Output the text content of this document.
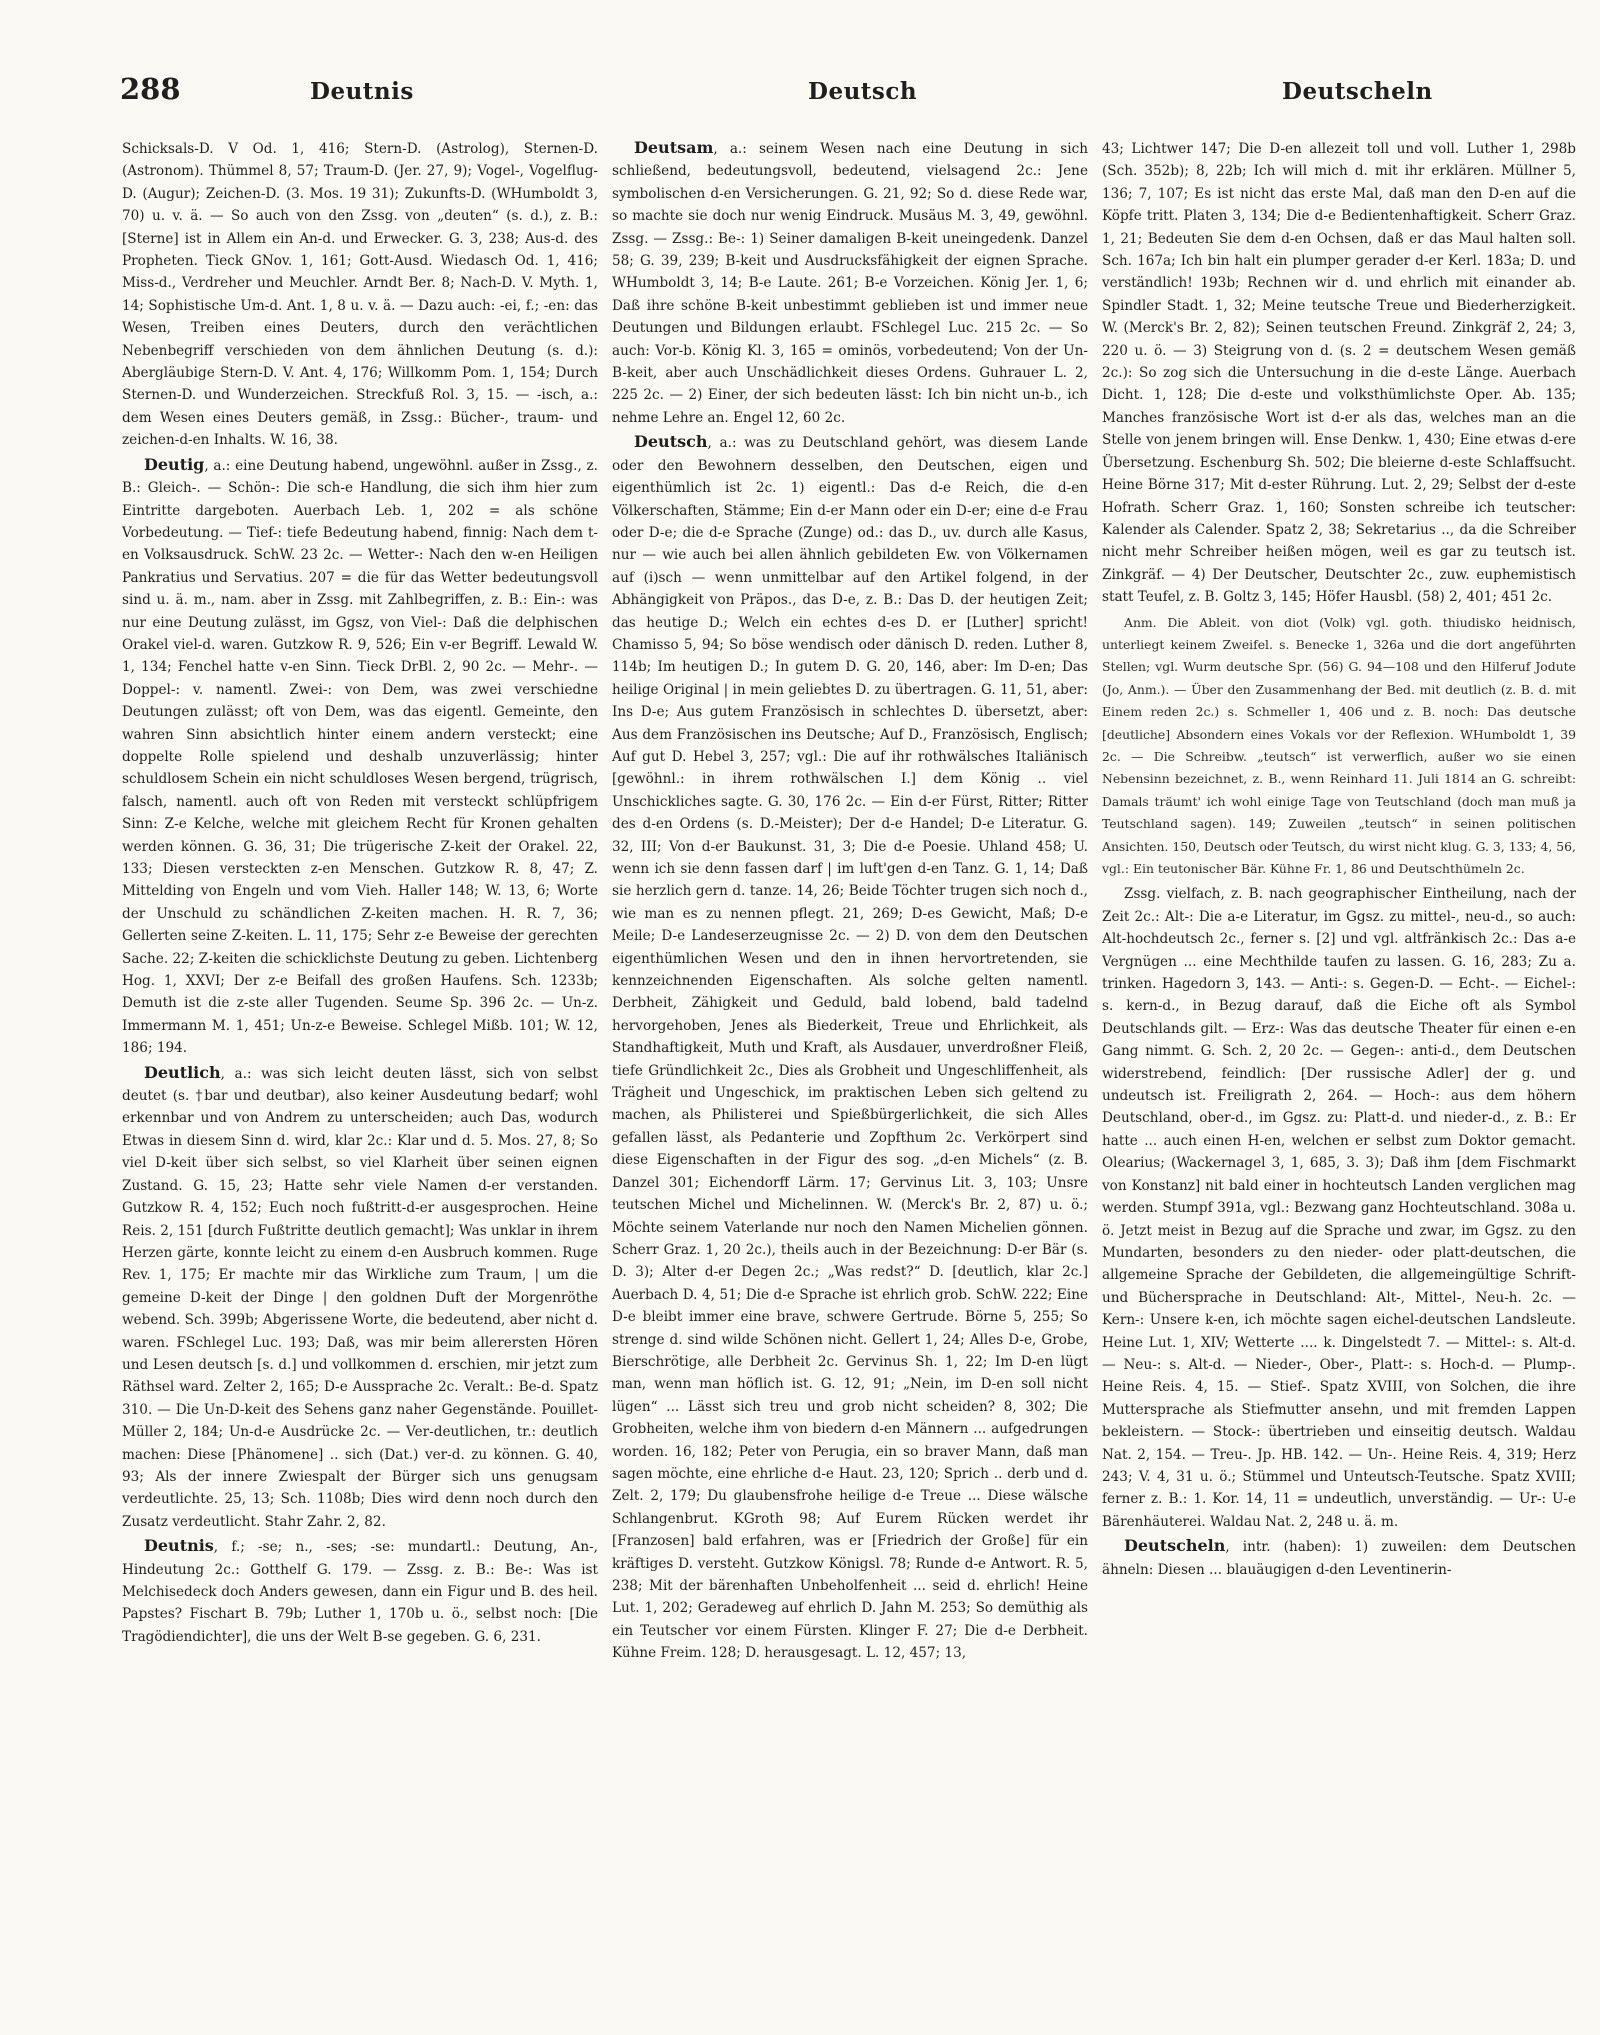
288	Deutnis	Deutsch	Deutscheln

Schicksals-D. V Od. 1, 416; Stern-D. (Astrolog), Sternen-D. (Astronom). Thümmel 8, 57; Traum-D. (Jer. 27, 9); Vogel-, Vogelflug-D. (Augur); Zeichen-D. (3. Mos. 19 31); Zukunfts-D. (WHumboldt 3, 70) u. v. ä. — So auch von den Zssg. von „deuten“ (s. d.), z. B.: [Sterne] ist in Allem ein An-d. und Erwecker. G. 3, 238; Aus-d. des Propheten. Tieck GNov. 1, 161; Gott-Ausd. Wiedasch Od. 1, 416; Miss-d., Verdreher und Meuchler. Arndt Ber. 8; Nach-D. V. Myth. 1, 14; Sophistische Um-d. Ant. 1, 8 u. v. ä. — Dazu auch: -ei, f.; -en: das Wesen, Treiben eines Deuters, durch den verächtlichen Nebenbegriff verschieden von dem ähnlichen Deutung (s. d.): Abergläubige Stern-D. V. Ant. 4, 176; Willkomm Pom. 1, 154; Durch Sternen-D. und Wunderzeichen. Streckfuß Rol. 3, 15. — -isch, a.: dem Wesen eines Deuters gemäß, in Zssg.: Bücher-, traum- und zeichen-d-en Inhalts. W. 16, 38.

Deutig, a.: eine Deutung habend, ungewöhnl. außer in Zssg., z. B.: Gleich-. — Schön-: Die sch-e Handlung, die sich ihm hier zum Eintritte dargeboten. Auerbach Leb. 1, 202 = als schöne Vorbedeutung. — Tief-: tiefe Bedeutung habend, finnig: Nach dem t-en Volksausdruck. SchW. 23 2c. — Wetter-: Nach den w-en Heiligen Pankratius und Servatius. 207 = die für das Wetter bedeutungsvoll sind u. ä. m., nam. aber in Zssg. mit Zahlbegriffen, z. B.: Ein-: was nur eine Deutung zulässt, im Ggsz, von Viel-: Daß die delphischen Orakel viel-d. waren. Gutzkow R. 9, 526; Ein v-er Begriff. Lewald W. 1, 134; Fenchel hatte v-en Sinn. Tieck DrBl. 2, 90 2c. — Mehr-. — Doppel-: v. namentl. Zwei-: von Dem, was zwei verschiedne Deutungen zulässt; oft von Dem, was das eigentl. Gemeinte, den wahren Sinn absichtlich hinter einem andern versteckt; eine doppelte Rolle spielend und deshalb unzuverlässig; hinter schuldlosem Schein ein nicht schuldloses Wesen bergend, trügrisch, falsch, namentl. auch oft von Reden mit versteckt schlüpfrigem Sinn: Z-e Kelche, welche mit gleichem Recht für Kronen gehalten werden können. G. 36, 31; Die trügerische Z-keit der Orakel. 22, 133; Diesen versteckten z-en Menschen. Gutzkow R. 8, 47; Z. Mittelding von Engeln und vom Vieh. Haller 148; W. 13, 6; Worte der Unschuld zu schändlichen Z-keiten machen. H. R. 7, 36; Gellerten seine Z-keiten. L. 11, 175; Sehr z-e Beweise der gerechten Sache. 22; Z-keiten die schicklichste Deutung zu geben. Lichtenberg Hog. 1, XXVI; Der z-e Beifall des großen Haufens. Sch. 1233b; Demuth ist die z-ste aller Tugenden. Seume Sp. 396 2c. — Un-z. Immermann M. 1, 451; Un-z-e Beweise. Schlegel Mißb. 101; W. 12, 186; 194.

Deutlich, a.: was sich leicht deuten lässt, sich von selbst deutet (s. †bar und deutbar), also keiner Ausdeutung bedarf; wohl erkennbar und von Andrem zu unterscheiden; auch Das, wodurch Etwas in diesem Sinn d. wird, klar 2c.: Klar und d. 5. Mos. 27, 8; So viel D-keit über sich selbst, so viel Klarheit über seinen eignen Zustand. G. 15, 23; Hatte sehr viele Namen d-er verstanden. Gutzkow R. 4, 152; Euch noch fußtritt-d-er ausgesprochen. Heine Reis. 2, 151 [durch Fußtritte deutlich gemacht]; Was unklar in ihrem Herzen gärte, konnte leicht zu einem d-en Ausbruch kommen. Ruge Rev. 1, 175; Er machte mir das Wirkliche zum Traum, | um die gemeine D-keit der Dinge | den goldnen Duft der Morgenröthe webend. Sch. 399b; Abgerissene Worte, die bedeutend, aber nicht d. waren. FSchlegel Luc. 193; Daß, was mir beim allerersten Hören und Lesen deutsch [s. d.] und vollkommen d. erschien, mir jetzt zum Räthsel ward. Zelter 2, 165; D-e Aussprache 2c. Veralt.: Be-d. Spatz 310. — Die Un-D-keit des Sehens ganz naher Gegenstände. Pouillet-Müller 2, 184; Un-d-e Ausdrücke 2c. — Ver-deutlichen, tr.: deutlich machen: Diese [Phänomene] .. sich (Dat.) ver-d. zu können. G. 40, 93; Als der innere Zwiespalt der Bürger sich uns genugsam verdeutlichte. 25, 13; Sch. 1108b; Dies wird denn noch durch den Zusatz verdeutlicht. Stahr Zahr. 2, 82.

Deutnis, f.; -se; n., -ses; -se: mundartl.: Deutung, An-, Hindeutung 2c.: Gotthelf G. 179. — Zssg. z. B.: Be-: Was ist Melchisedeck doch Anders gewesen, dann ein Figur und B. des heil. Papstes? Fischart B. 79b; Luther 1, 170b u. ö., selbst noch: [Die Tragödiendichter], die uns der Welt B-se gegeben. G. 6, 231.

Deutsam, a.: seinem Wesen nach eine Deutung in sich schließend, bedeutungsvoll, bedeutend, vielsagend 2c.: Jene symbolischen d-en Versicherungen. G. 21, 92; So d. diese Rede war, so machte sie doch nur wenig Eindruck. Musäus M. 3, 49, gewöhnl. Zssg. — Zssg.: Be-: 1) Seiner damaligen B-keit uneingedenk. Danzel 58; G. 39, 239; B-keit und Ausdrucksfähigkeit der eignen Sprache. WHumboldt 3, 14; B-e Laute. 261; B-e Vorzeichen. König Jer. 1, 6; Daß ihre schöne B-keit unbestimmt geblieben ist und immer neue Deutungen und Bildungen erlaubt. FSchlegel Luc. 215 2c. — So auch: Vor-b. König Kl. 3, 165 = ominös, vorbedeutend; Von der Un-B-keit, aber auch Unschädlichkeit dieses Ordens. Guhrauer L. 2, 225 2c. — 2) Einer, der sich bedeuten lässt: Ich bin nicht un-b., ich nehme Lehre an. Engel 12, 60 2c.

Deutsch, a.: was zu Deutschland gehört, was diesem Lande oder den Bewohnern desselben, den Deutschen, eigen und eigenthümlich ist 2c. 1) eigentl.: Das d-e Reich, die d-en Völkerschaften, Stämme; Ein d-er Mann oder ein D-er; eine d-e Frau oder D-e; die d-e Sprache (Zunge) od.: das D., uv. durch alle Kasus, nur — wie auch bei allen ähnlich gebildeten Ew. von Völkernamen auf (i)sch — wenn unmittelbar auf den Artikel folgend, in der Abhängigkeit von Präpos., das D-e, z. B.: Das D. der heutigen Zeit; das heutige D.; Welch ein echtes d-es D. er [Luther] spricht! Chamisso 5, 94; So böse wendisch oder dänisch D. reden. Luther 8, 114b; Im heutigen D.; In gutem D. G. 20, 146, aber: Im D-en; Das heilige Original | in mein geliebtes D. zu übertragen. G. 11, 51, aber: Ins D-e; Aus gutem Französisch in schlechtes D. übersetzt, aber: Aus dem Französischen ins Deutsche; Auf D., Französisch, Englisch; Auf gut D. Hebel 3, 257; vgl.: Die auf ihr rothwälsches Italiänisch [gewöhnl.: in ihrem rothwälschen I.] dem König .. viel Unschickliches sagte. G. 30, 176 2c. — Ein d-er Fürst, Ritter; Ritter des d-en Ordens (s. D.-Meister); Der d-e Handel; D-e Literatur. G. 32, III; Von d-er Baukunst. 31, 3; Die d-e Poesie. Uhland 458; U. wenn ich sie denn fassen darf | im luft'gen d-en Tanz. G. 1, 14; Daß sie herzlich gern d. tanze. 14, 26; Beide Töchter trugen sich noch d., wie man es zu nennen pflegt. 21, 269; D-es Gewicht, Maß; D-e Meile; D-e Landeserzeugnisse 2c. — 2) D. von dem den Deutschen eigenthümlichen Wesen und den in ihnen hervortretenden, sie kennzeichnenden Eigenschaften. Als solche gelten namentl. Derbheit, Zähigkeit und Geduld, bald lobend, bald tadelnd hervorgehoben, Jenes als Biederkeit, Treue und Ehrlichkeit, als Standhaftigkeit, Muth und Kraft, als Ausdauer, unverdroßner Fleiß, tiefe Gründlichkeit 2c., Dies als Grobheit und Ungeschliffenheit, als Trägheit und Ungeschick, im praktischen Leben sich geltend zu machen, als Philisterei und Spießbürgerlichkeit, die sich Alles gefallen lässt, als Pedanterie und Zopfthum 2c. Verkörpert sind diese Eigenschaften in der Figur des sog. „d-en Michels“ (z. B. Danzel 301; Eichendorff Lärm. 17; Gervinus Lit. 3, 103; Unsre teutschen Michel und Michelinnen. W. (Merck's Br. 2, 87) u. ö.; Möchte seinem Vaterlande nur noch den Namen Michelien gönnen. Scherr Graz. 1, 20 2c.), theils auch in der Bezeichnung: D-er Bär (s. D. 3); Alter d-er Degen 2c.; „Was redst?“ D. [deutlich, klar 2c.] Auerbach D. 4, 51; Die d-e Sprache ist ehrlich grob. SchW. 222; Eine D-e bleibt immer eine brave, schwere Gertrude. Börne 5, 255; So strenge d. sind wilde Schönen nicht. Gellert 1, 24; Alles D-e, Grobe, Bierschrötige, alle Derbheit 2c. Gervinus Sh. 1, 22; Im D-en lügt man, wenn man höflich ist. G. 12, 91; „Nein, im D-en soll nicht lügen“ ... Lässt sich treu und grob nicht scheiden? 8, 302; Die Grobheiten, welche ihm von biedern d-en Männern ... aufgedrungen worden. 16, 182; Peter von Perugia, ein so braver Mann, daß man sagen möchte, eine ehrliche d-e Haut. 23, 120; Sprich .. derb und d. Zelt. 2, 179; Du glaubensfrohe heilige d-e Treue ... Diese wälsche Schlangenbrut. KGroth 98; Auf Eurem Rücken werdet ihr [Franzosen] bald erfahren, was er [Friedrich der Große] für ein kräftiges D. versteht. Gutzkow Königsl. 78; Runde d-e Antwort. R. 5, 238; Mit der bärenhaften Unbeholfenheit ... seid d. ehrlich! Heine Lut. 1, 202; Geradeweg auf ehrlich D. Jahn M. 253; So demüthig als ein Teutscher vor einem Fürsten. Klinger F. 27; Die d-e Derbheit. Kühne Freim. 128; D. herausgesagt. L. 12, 457; 13,

43; Lichtwer 147; Die D-en allezeit toll und voll. Luther 1, 298b (Sch. 352b); 8, 22b; Ich will mich d. mit ihr erklären. Müllner 5, 136; 7, 107; Es ist nicht das erste Mal, daß man den D-en auf die Köpfe tritt. Platen 3, 134; Die d-e Bedientenhaftigkeit. Scherr Graz. 1, 21; Bedeuten Sie dem d-en Ochsen, daß er das Maul halten soll. Sch. 167a; Ich bin halt ein plumper gerader d-er Kerl. 183a; D. und verständlich! 193b; Rechnen wir d. und ehrlich mit einander ab. Spindler Stadt. 1, 32; Meine teutsche Treue und Biederherzigkeit. W. (Merck's Br. 2, 82); Seinen teutschen Freund. Zinkgräf 2, 24; 3, 220 u. ö. — 3) Steigrung von d. (s. 2 = deutschem Wesen gemäß 2c.): So zog sich die Untersuchung in die d-este Länge. Auerbach Dicht. 1, 128; Die d-este und volksthümlichste Oper. Ab. 135; Manches französische Wort ist d-er als das, welches man an die Stelle von jenem bringen will. Ense Denkw. 1, 430; Eine etwas d-ere Übersetzung. Eschenburg Sh. 502; Die bleierne d-este Schlaffsucht. Heine Börne 317; Mit d-ester Rührung. Lut. 2, 29; Selbst der d-este Hofrath. Scherr Graz. 1, 160; Sonsten schreibe ich teutscher: Kalender als Calender. Spatz 2, 38; Sekretarius .., da die Schreiber nicht mehr Schreiber heißen mögen, weil es gar zu teutsch ist. Zinkgräf. — 4) Der Deutscher, Deutschter 2c., zuw. euphemistisch statt Teufel, z. B. Goltz 3, 145; Höfer Hausbl. (58) 2, 401; 451 2c.

Anm. Die Ableit. von diot (Volk) vgl. goth. thiudisko heidnisch, unterliegt keinem Zweifel. s. Benecke 1, 326a und die dort angeführten Stellen; vgl. Wurm deutsche Spr. (56) G. 94—108 und den Hilferuf Jodute (Jo, Anm.). — Über den Zusammenhang der Bed. mit deutlich (z. B. d. mit Einem reden 2c.) s. Schmeller 1, 406 und z. B. noch: Das deutsche [deutliche] Absondern eines Vokals vor der Reflexion. WHumboldt 1, 39 2c. — Die Schreibw. „teutsch“ ist verwerflich, außer wo sie einen Nebensinn bezeichnet, z. B., wenn Reinhard 11. Juli 1814 an G. schreibt: Damals träumt' ich wohl einige Tage von Teutschland (doch man muß ja Teutschland sagen). 149; Zuweilen „teutsch“ in seinen politischen Ansichten. 150, Deutsch oder Teutsch, du wirst nicht klug. G. 3, 133; 4, 56, vgl.: Ein teutonischer Bär. Kühne Fr. 1, 86 und Deutschthümeln 2c.

Zssg. vielfach, z. B. nach geographischer Eintheilung, nach der Zeit 2c.: Alt-: Die a-e Literatur, im Ggsz. zu mittel-, neu-d., so auch: Alt-hochdeutsch 2c., ferner s. [2] und vgl. altfränkisch 2c.: Das a-e Vergnügen ... eine Mechthilde taufen zu lassen. G. 16, 283; Zu a. trinken. Hagedorn 3, 143. — Anti-: s. Gegen-D. — Echt-. — Eichel-: s. kern-d., in Bezug darauf, daß die Eiche oft als Symbol Deutschlands gilt. — Erz-: Was das deutsche Theater für einen e-en Gang nimmt. G. Sch. 2, 20 2c. — Gegen-: anti-d., dem Deutschen widerstrebend, feindlich: [Der russische Adler] der g. und undeutsch ist. Freiligrath 2, 264. — Hoch-: aus dem höhern Deutschland, ober-d., im Ggsz. zu: Platt-d. und nieder-d., z. B.: Er hatte ... auch einen H-en, welchen er selbst zum Doktor gemacht. Olearius; (Wackernagel 3, 1, 685, 3. 3); Daß ihm [dem Fischmarkt von Konstanz] nit bald einer in hochteutsch Landen verglichen mag werden. Stumpf 391a, vgl.: Bezwang ganz Hochteutschland. 308a u. ö. Jetzt meist in Bezug auf die Sprache und zwar, im Ggsz. zu den Mundarten, besonders zu den nieder- oder platt-deutschen, die allgemeine Sprache der Gebildeten, die allgemeingültige Schrift- und Büchersprache in Deutschland: Alt-, Mittel-, Neu-h. 2c. — Kern-: Unsere k-en, ich möchte sagen eichel-deutschen Landsleute. Heine Lut. 1, XIV; Wetterte .... k. Dingelstedt 7. — Mittel-: s. Alt-d. — Neu-: s. Alt-d. — Nieder-, Ober-, Platt-: s. Hoch-d. — Plump-. Heine Reis. 4, 15. — Stief-. Spatz XVIII, von Solchen, die ihre Muttersprache als Stiefmutter ansehn, und mit fremden Lappen bekleistern. — Stock-: übertrieben und einseitig deutsch. Waldau Nat. 2, 154. — Treu-. Jp. HB. 142. — Un-. Heine Reis. 4, 319; Herz 243; V. 4, 31 u. ö.; Stümmel und Unteutsch-Teutsche. Spatz XVIII; ferner z. B.: 1. Kor. 14, 11 = undeutlich, unverständig. — Ur-: U-e Bärenhäuterei. Waldau Nat. 2, 248 u. ä. m.

Deutscheln, intr. (haben): 1) zuweilen: dem Deutschen ähneln: Diesen ... blauäugigen d-den Leventinerin-
